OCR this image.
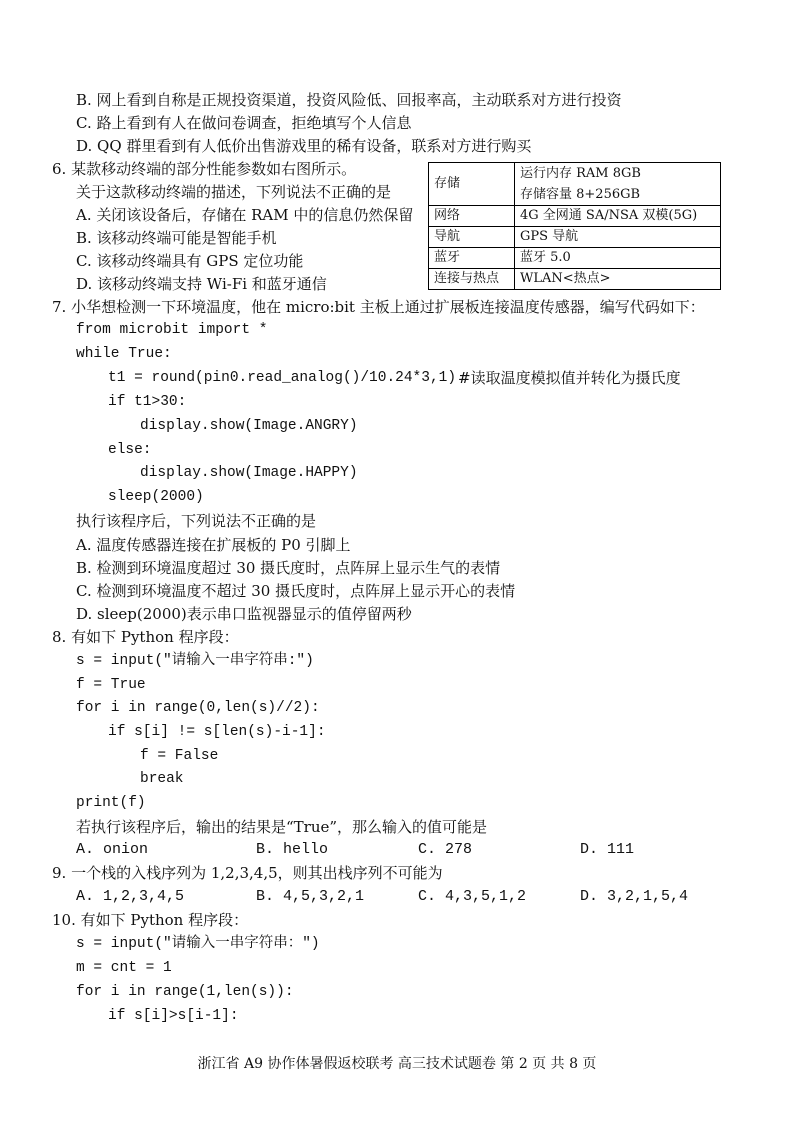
B. 网上看到自称是正规投资渠道，投资风险低、回报率高，主动联系对方进行投资
C. 路上看到有人在做问卷调查，拒绝填写个人信息
D. QQ 群里看到有人低价出售游戏里的稀有设备，联系对方进行购买
6. 某款移动终端的部分性能参数如右图所示。
关于这款移动终端的描述，下列说法不正确的是
A. 关闭该设备后，存储在 RAM 中的信息仍然保留
B. 该移动终端可能是智能手机
C. 该移动终端具有 GPS 定位功能
D. 该移动终端支持 Wi-Fi 和蓝牙通信
存储	运行内存 RAM 8GB
存储容量 8+256GB

网络	4G 全网通 SA/NSA 双模(5G)
导航	GPS 导航
蓝牙	蓝牙 5.0
连接与热点	WLAN<热点>
7. 小华想检测一下环境温度，他在 micro:bit 主板上通过扩展板连接温度传感器，编写代码如下：
from microbit import *
while True:
t1 = round(pin0.read_analog()/10.24*3,1) #读取温度模拟值并转化为摄氏度
if t1>30:
display.show(Image.ANGRY)
else:
display.show(Image.HAPPY)
sleep(2000)
执行该程序后，下列说法不正确的是
A. 温度传感器连接在扩展板的 P0 引脚上
B. 检测到环境温度超过 30 摄氏度时，点阵屏上显示生气的表情
C. 检测到环境温度不超过 30 摄氏度时，点阵屏上显示开心的表情
D. sleep(2000)表示串口监视器显示的值停留两秒
8. 有如下 Python 程序段：
s = input("请输入一串字符串:")
f = True
for i in range(0,len(s)//2):
if s[i] != s[len(s)-i-1]:
f = False
break
print(f)
若执行该程序后，输出的结果是“True”，那么输入的值可能是
A. onion	B. hello	C. 278	D. 111
9. 一个栈的入栈序列为 1,2,3,4,5，则其出栈序列不可能为
A. 1,2,3,4,5	B. 4,5,3,2,1	C. 4,3,5,1,2	D. 3,2,1,5,4
10. 有如下 Python 程序段：
s = input("请输入一串字符串：")
m = cnt = 1
for i in range(1,len(s)):
if s[i]>s[i-1]:
浙江省 A9 协作体暑假返校联考 高三技术试题卷 第 2 页 共 8 页
